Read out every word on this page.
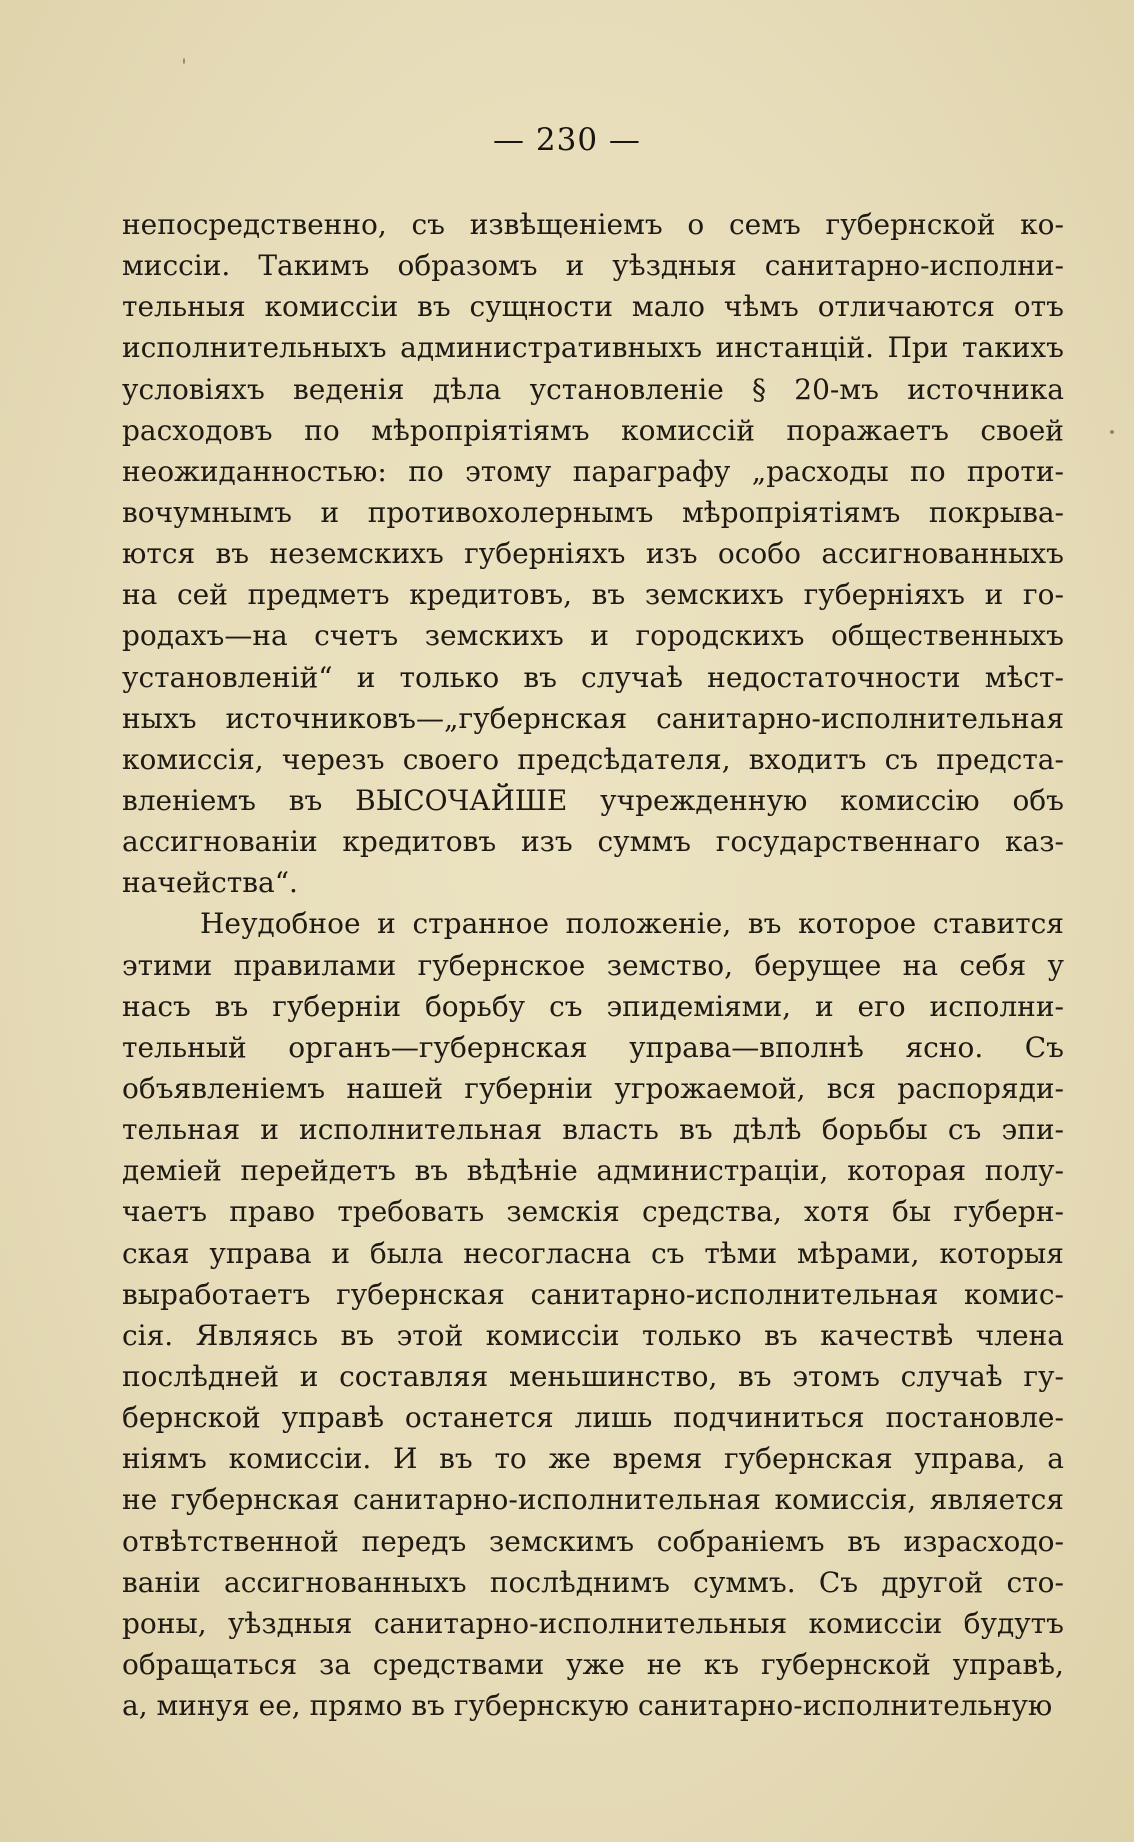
— 230 —
непосредственно, съ извѣщеніемъ о семъ губернской ко-
миссіи. Такимъ образомъ и уѣздныя санитарно-исполни-
тельныя комиссіи въ сущности мало чѣмъ отличаются отъ
исполнительныхъ административныхъ инстанцій. При такихъ
условіяхъ веденія дѣла установленіе § 20-мъ источника
расходовъ по мѣропріятіямъ комиссій поражаетъ своей
неожиданностью: по этому параграфу „расходы по проти-
вочумнымъ и противохолернымъ мѣропріятіямъ покрыва-
ются въ неземскихъ губерніяхъ изъ особо ассигнованныхъ
на сей предметъ кредитовъ, въ земскихъ губерніяхъ и го-
родахъ—на счетъ земскихъ и городскихъ общественныхъ
установленій“ и только въ случаѣ недостаточности мѣст-
ныхъ источниковъ—„губернская санитарно-исполнительная
комиссія, черезъ своего предсѣдателя, входитъ съ предста-
вленіемъ въ ВЫСОЧАЙШЕ учрежденную комиссію объ
ассигнованіи кредитовъ изъ суммъ государственнаго каз-
начейства“.
Неудобное и странное положеніе, въ которое ставится
этими правилами губернское земство, берущее на себя у
насъ въ губерніи борьбу съ эпидеміями, и его исполни-
тельный органъ—губернская управа—вполнѣ ясно. Съ
объявленіемъ нашей губерніи угрожаемой, вся распоряди-
тельная и исполнительная власть въ дѣлѣ борьбы съ эпи-
деміей перейдетъ въ вѣдѣніе администраціи, которая полу-
чаетъ право требовать земскія средства, хотя бы губерн-
ская управа и была несогласна съ тѣми мѣрами, которыя
выработаетъ губернская санитарно-исполнительная комис-
сія. Являясь въ этой комиссіи только въ качествѣ члена
послѣдней и составляя меньшинство, въ этомъ случаѣ гу-
бернской управѣ останется лишь подчиниться постановле-
ніямъ комиссіи. И въ то же время губернская управа, а
не губернская санитарно-исполнительная комиссія, является
отвѣтственной передъ земскимъ собраніемъ въ израсходо-
ваніи ассигнованныхъ послѣднимъ суммъ. Съ другой сто-
роны, уѣздныя санитарно-исполнительныя комиссіи будутъ
обращаться за средствами уже не къ губернской управѣ,
а, минуя ее, прямо въ губернскую санитарно-исполнительную
